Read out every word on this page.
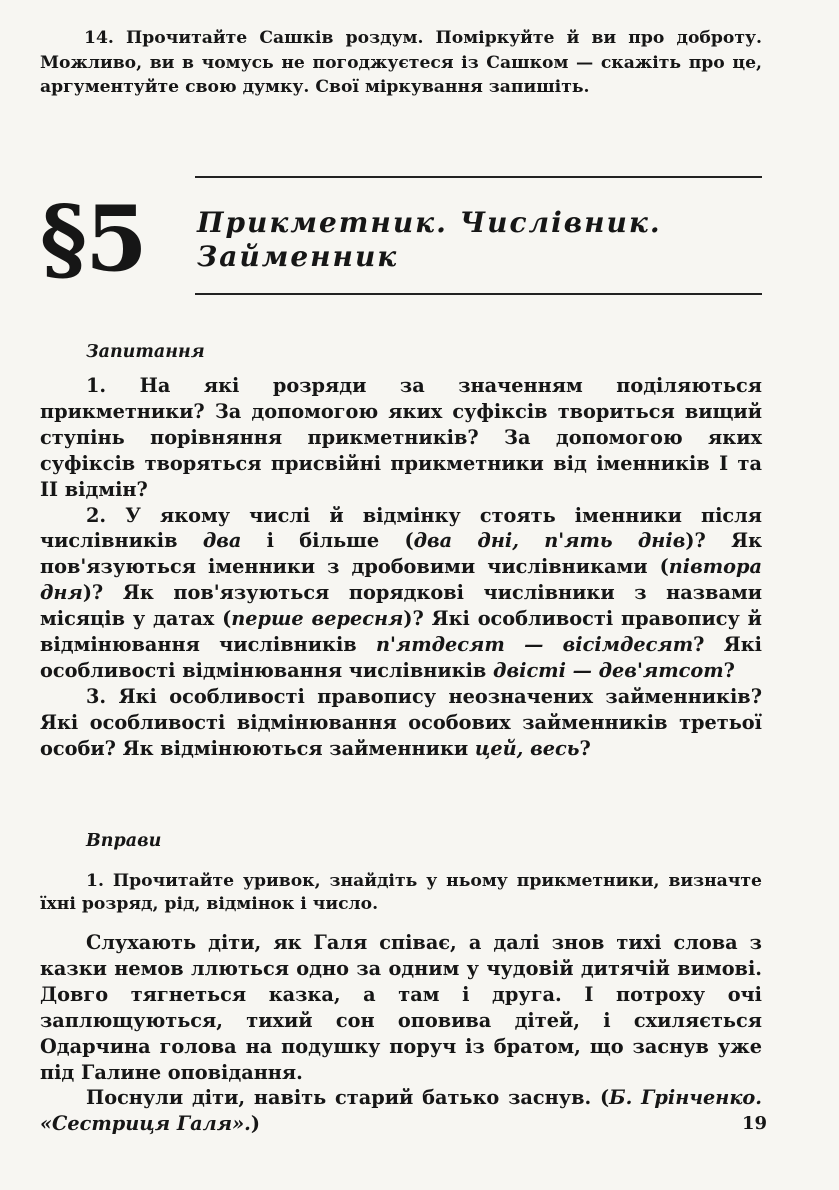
14. Прочитайте Сашків роздум. Поміркуйте й ви про доброту. Можливо, ви в чомусь не погоджуєтеся із Сашком — скажіть про це, аргументуйте свою думку. Свої міркування запишіть.

§5 Прикметник. Числівник.
Займенник
Запитання

1. На які розряди за значенням поділяються прикметники? За допомогою яких суфіксів твориться вищий ступінь порівняння прикметників? За допомогою яких суфіксів творяться присвійні прикметники від іменників І та ІІ відмін?

2. У якому числі й відмінку стоять іменники після числівників два і більше (два дні, п'ять днів)? Як пов'язуються іменники з дробовими числівниками (півтора дня)? Як пов'язуються порядкові числівники з назвами місяців у датах (перше вересня)? Які особливості правопису й відмінювання числівників п'ятдесят — вісімдесят? Які особливості відмінювання числівників двісті — дев'ятсот?

3. Які особливості правопису неозначених займенників? Які особливості відмінювання особових займенників третьої особи? Як відмінюються займенники цей, весь?

Вправи

1. Прочитайте уривок, знайдіть у ньому прикметники, визначте їхні розряд, рід, відмінок і число.

Слухають діти, як Галя співає, а далі знов тихі слова з казки немов ллються одно за одним у чудовій дитячій вимові. Довго тягнеться казка, а там і друга. І потроху очі заплющуються, тихий сон оповива дітей, і схиляється Одарчина голова на подушку поруч із братом, що заснув уже під Галине оповідання.

Поснули діти, навіть старий батько заснув. (Б. Грінченко. «Сестриця Галя».)	19
